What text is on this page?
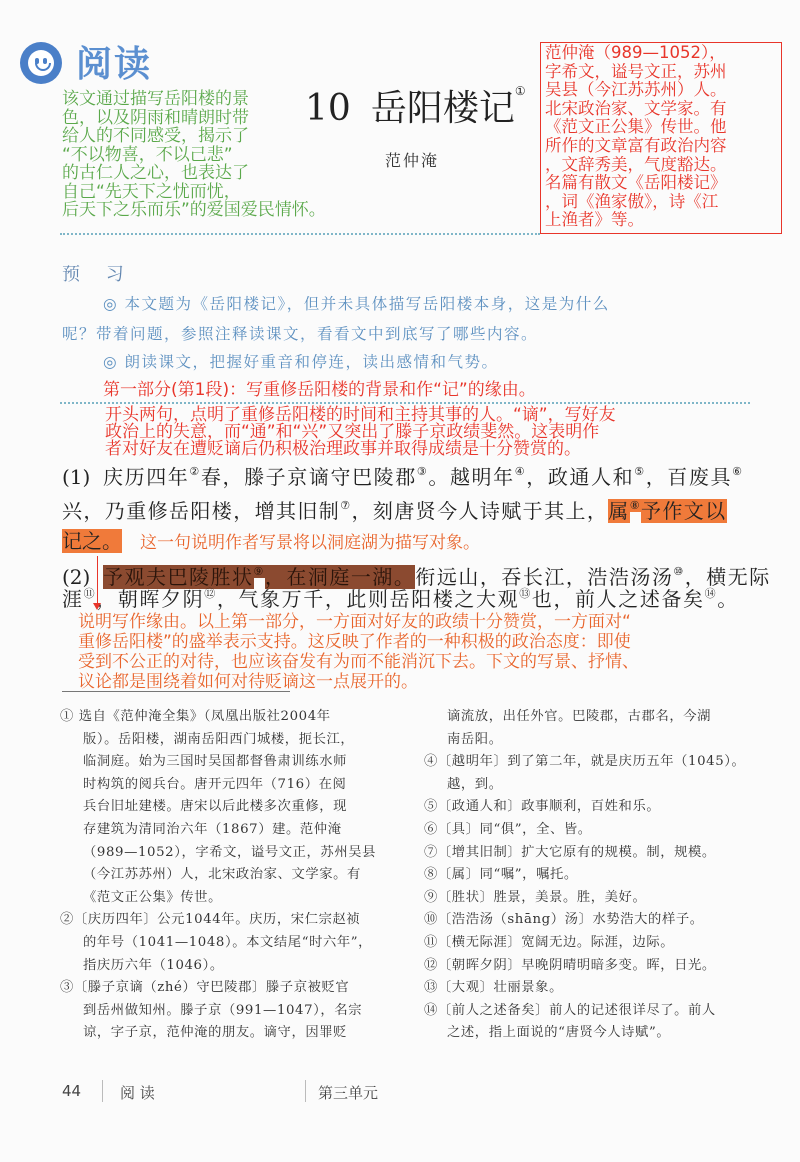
阅读
该文通过描写岳阳楼的景
色，以及阴雨和晴朗时带
给人的不同感受，揭示了
“不以物喜，不以己悲”
的古仁人之心，也表达了
自己“先天下之忧而忧，
后天下之乐而乐”的爱国爱民情怀。
10 岳阳楼记①
范仲淹
范仲淹（989—1052），
字希文，谥号文正，苏州
吴县（今江苏苏州）人。
北宋政治家、文学家。有
《范文正公集》传世。他
所作的文章富有政治内容
，文辞秀美，气度豁达。
名篇有散文《岳阳楼记》
，词《渔家傲》，诗《江
上渔者》等。
预 习
◎ 本文题为《岳阳楼记》，但并未具体描写岳阳楼本身，这是为什么
呢？带着问题，参照注释读课文，看看文中到底写了哪些内容。
◎ 朗读课文，把握好重音和停连，读出感情和气势。
第一部分(第1段)：写重修岳阳楼的背景和作“记”的缘由。
开头两句，点明了重修岳阳楼的时间和主持其事的人。“谪”，写好友
政治上的失意，而“通”和“兴”又突出了滕子京政绩斐然。这表明作
者对好友在遭贬谪后仍积极治理政事并取得成绩是十分赞赏的。
(1) 庆历四年②春，滕子京谪守巴陵郡③。越明年④，政通人和⑤，百废具⑥
兴，乃重修岳阳楼，增其旧制⑦，刻唐贤今人诗赋于其上，属⑧予作文以
记之。 这一句说明作者写景将以洞庭湖为描写对象。
(2) 予观夫巴陵胜状⑨，在洞庭一湖。衔远山，吞长江，浩浩汤汤⑩，横无际
涯⑪，朝晖夕阴⑫，气象万千，此则岳阳楼之大观⑬也，前人之述备矣⑭。
说明写作缘由。以上第一部分，一方面对好友的政绩十分赞赏，一方面对“
重修岳阳楼”的盛举表示支持。这反映了作者的一种积极的政治态度：即使
受到不公正的对待，也应该奋发有为而不能消沉下去。下文的写景、抒情、
议论都是围绕着如何对待贬谪这一点展开的。
① 选自《范仲淹全集》（凤凰出版社2004年
版）。岳阳楼，湖南岳阳西门城楼，扼长江，
临洞庭。始为三国时吴国都督鲁肃训练水师
时构筑的阅兵台。唐开元四年（716）在阅
兵台旧址建楼。唐宋以后此楼多次重修，现
存建筑为清同治六年（1867）建。范仲淹
（989—1052），字希文，谥号文正，苏州吴县
（今江苏苏州）人，北宋政治家、文学家。有
《范文正公集》传世。
②〔庆历四年〕公元1044年。庆历，宋仁宗赵祯
的年号（1041—1048）。本文结尾“时六年”，
指庆历六年（1046）。
③〔滕子京谪（zhé）守巴陵郡〕滕子京被贬官
到岳州做知州。滕子京（991—1047），名宗
谅，字子京，范仲淹的朋友。谪守，因罪贬
谪流放，出任外官。巴陵郡，古郡名，今湖
南岳阳。
④〔越明年〕到了第二年，就是庆历五年（1045）。
越，到。
⑤〔政通人和〕政事顺利，百姓和乐。
⑥〔具〕同“俱”，全、皆。
⑦〔增其旧制〕扩大它原有的规模。制，规模。
⑧〔属〕同“嘱”，嘱托。
⑨〔胜状〕胜景，美景。胜，美好。
⑩〔浩浩汤（shāng）汤〕水势浩大的样子。
⑪〔横无际涯〕宽阔无边。际涯，边际。
⑫〔朝晖夕阴〕早晚阴晴明暗多变。晖，日光。
⑬〔大观〕壮丽景象。
⑭〔前人之述备矣〕前人的记述很详尽了。前人
之述，指上面说的“唐贤今人诗赋”。
44	阅 读	第三单元
